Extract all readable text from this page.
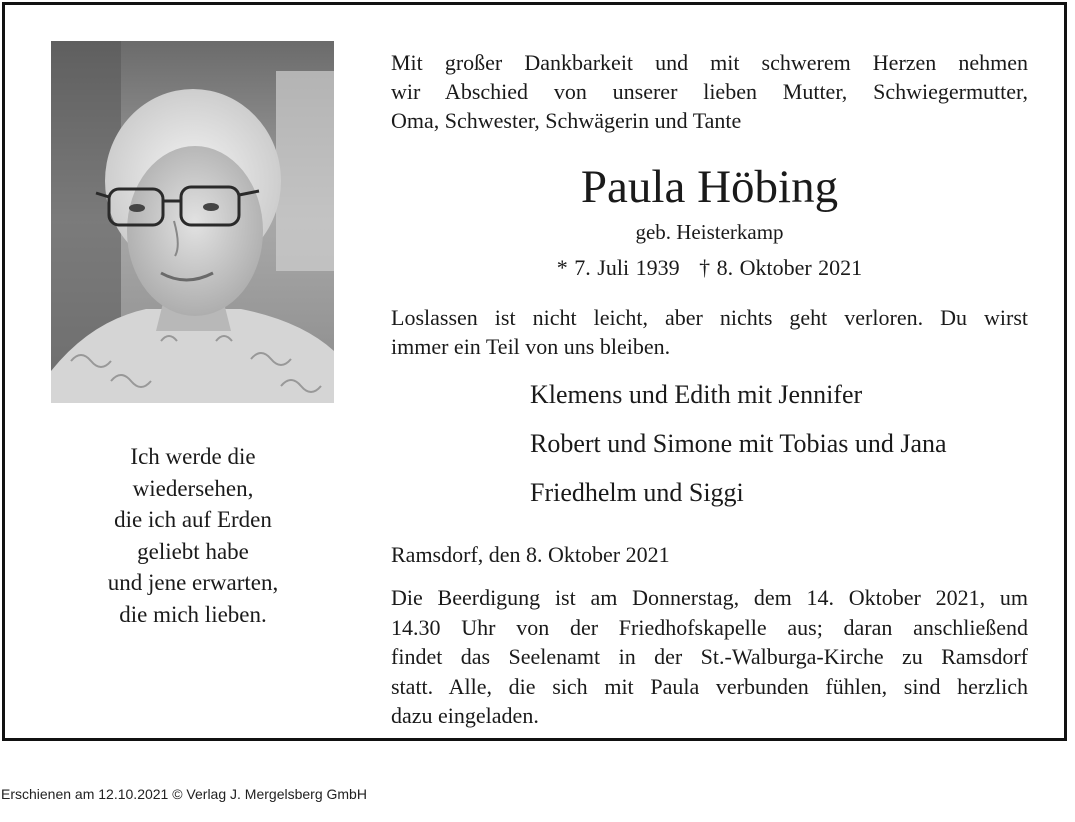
Ich werde die
wiedersehen,
die ich auf Erden
geliebt habe
und jene erwarten,
die mich lieben.
Mit großer Dankbarkeit und mit schwerem Herzen nehmen
wir Abschied von unserer lieben Mutter, Schwiegermutter,
Oma, Schwester, Schwägerin und Tante
Paula Höbing
geb. Heisterkamp
* 7. Juli 1939   † 8. Oktober 2021
Loslassen ist nicht leicht, aber nichts geht verloren. Du wirst
immer ein Teil von uns bleiben.
Klemens und Edith mit Jennifer
Robert und Simone mit Tobias und Jana
Friedhelm und Siggi
Ramsdorf, den 8. Oktober 2021
Die Beerdigung ist am Donnerstag, dem 14. Oktober 2021, um
14.30 Uhr von der Friedhofskapelle aus; daran anschließend
findet das Seelenamt in der St.-Walburga-Kirche zu Ramsdorf
statt. Alle, die sich mit Paula verbunden fühlen, sind herzlich
dazu eingeladen.
Erschienen am 12.10.2021 © Verlag J. Mergelsberg GmbH
